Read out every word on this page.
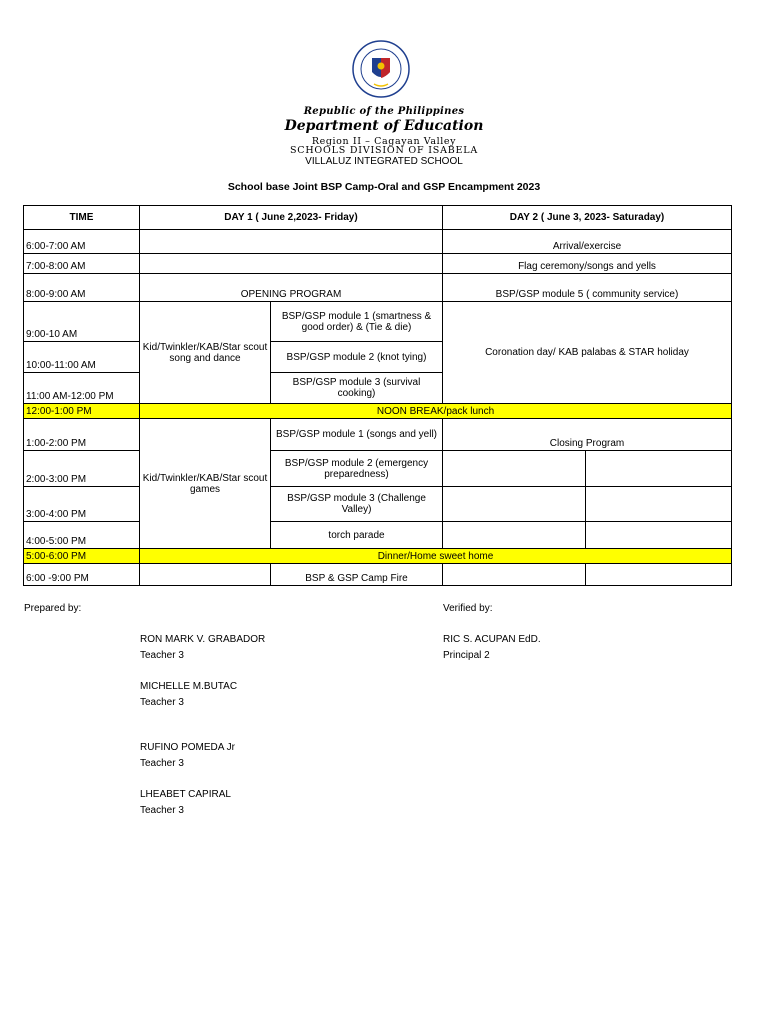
Republic of the Philippines
Department of Education
Region II – Cagayan Valley
SCHOOLS DIVISION OF ISABELA
VILLALUZ INTEGRATED SCHOOL
School base Joint BSP Camp-Oral and GSP Encampment 2023
TIME	DAY 1 ( June 2,2023- Friday)		DAY 2 ( June 3, 2023- Saturaday)	
6:00-7:00 AM			Arrival/exercise	
7:00-8:00 AM			Flag ceremony/songs and yells	
8:00-9:00 AM	OPENING PROGRAM		BSP/GSP module 5 ( community service)	
9:00-10 AM	Kid/Twinkler/KAB/Star scout song and dance	BSP/GSP module 1 (smartness & good order) & (Tie & die)	Coronation day/ KAB palabas & STAR holiday	
10:00-11:00 AM		BSP/GSP module 2 (knot tying)		
11:00 AM-12:00 PM		BSP/GSP module 3 (survival cooking)		
12:00-1:00 PM	NOON BREAK/pack lunch			
1:00-2:00 PM	Kid/Twinkler/KAB/Star scout games	BSP/GSP module 1 (songs and yell)	Closing Program	
2:00-3:00 PM		BSP/GSP module 2 (emergency preparedness)		
3:00-4:00 PM		BSP/GSP module 3 (Challenge Valley)		
4:00-5:00 PM		torch parade		
5:00-6:00 PM	Dinner/Home sweet home			
6:00 -9:00 PM		BSP & GSP Camp Fire		
Prepared by:	Verified by:
RON MARK V. GRABADOR
Teacher 3
MICHELLE M.BUTAC
Teacher 3
RUFINO POMEDA Jr
Teacher 3
LHEABET CAPIRAL
Teacher 3
RIC S. ACUPAN EdD.
Principal 2
